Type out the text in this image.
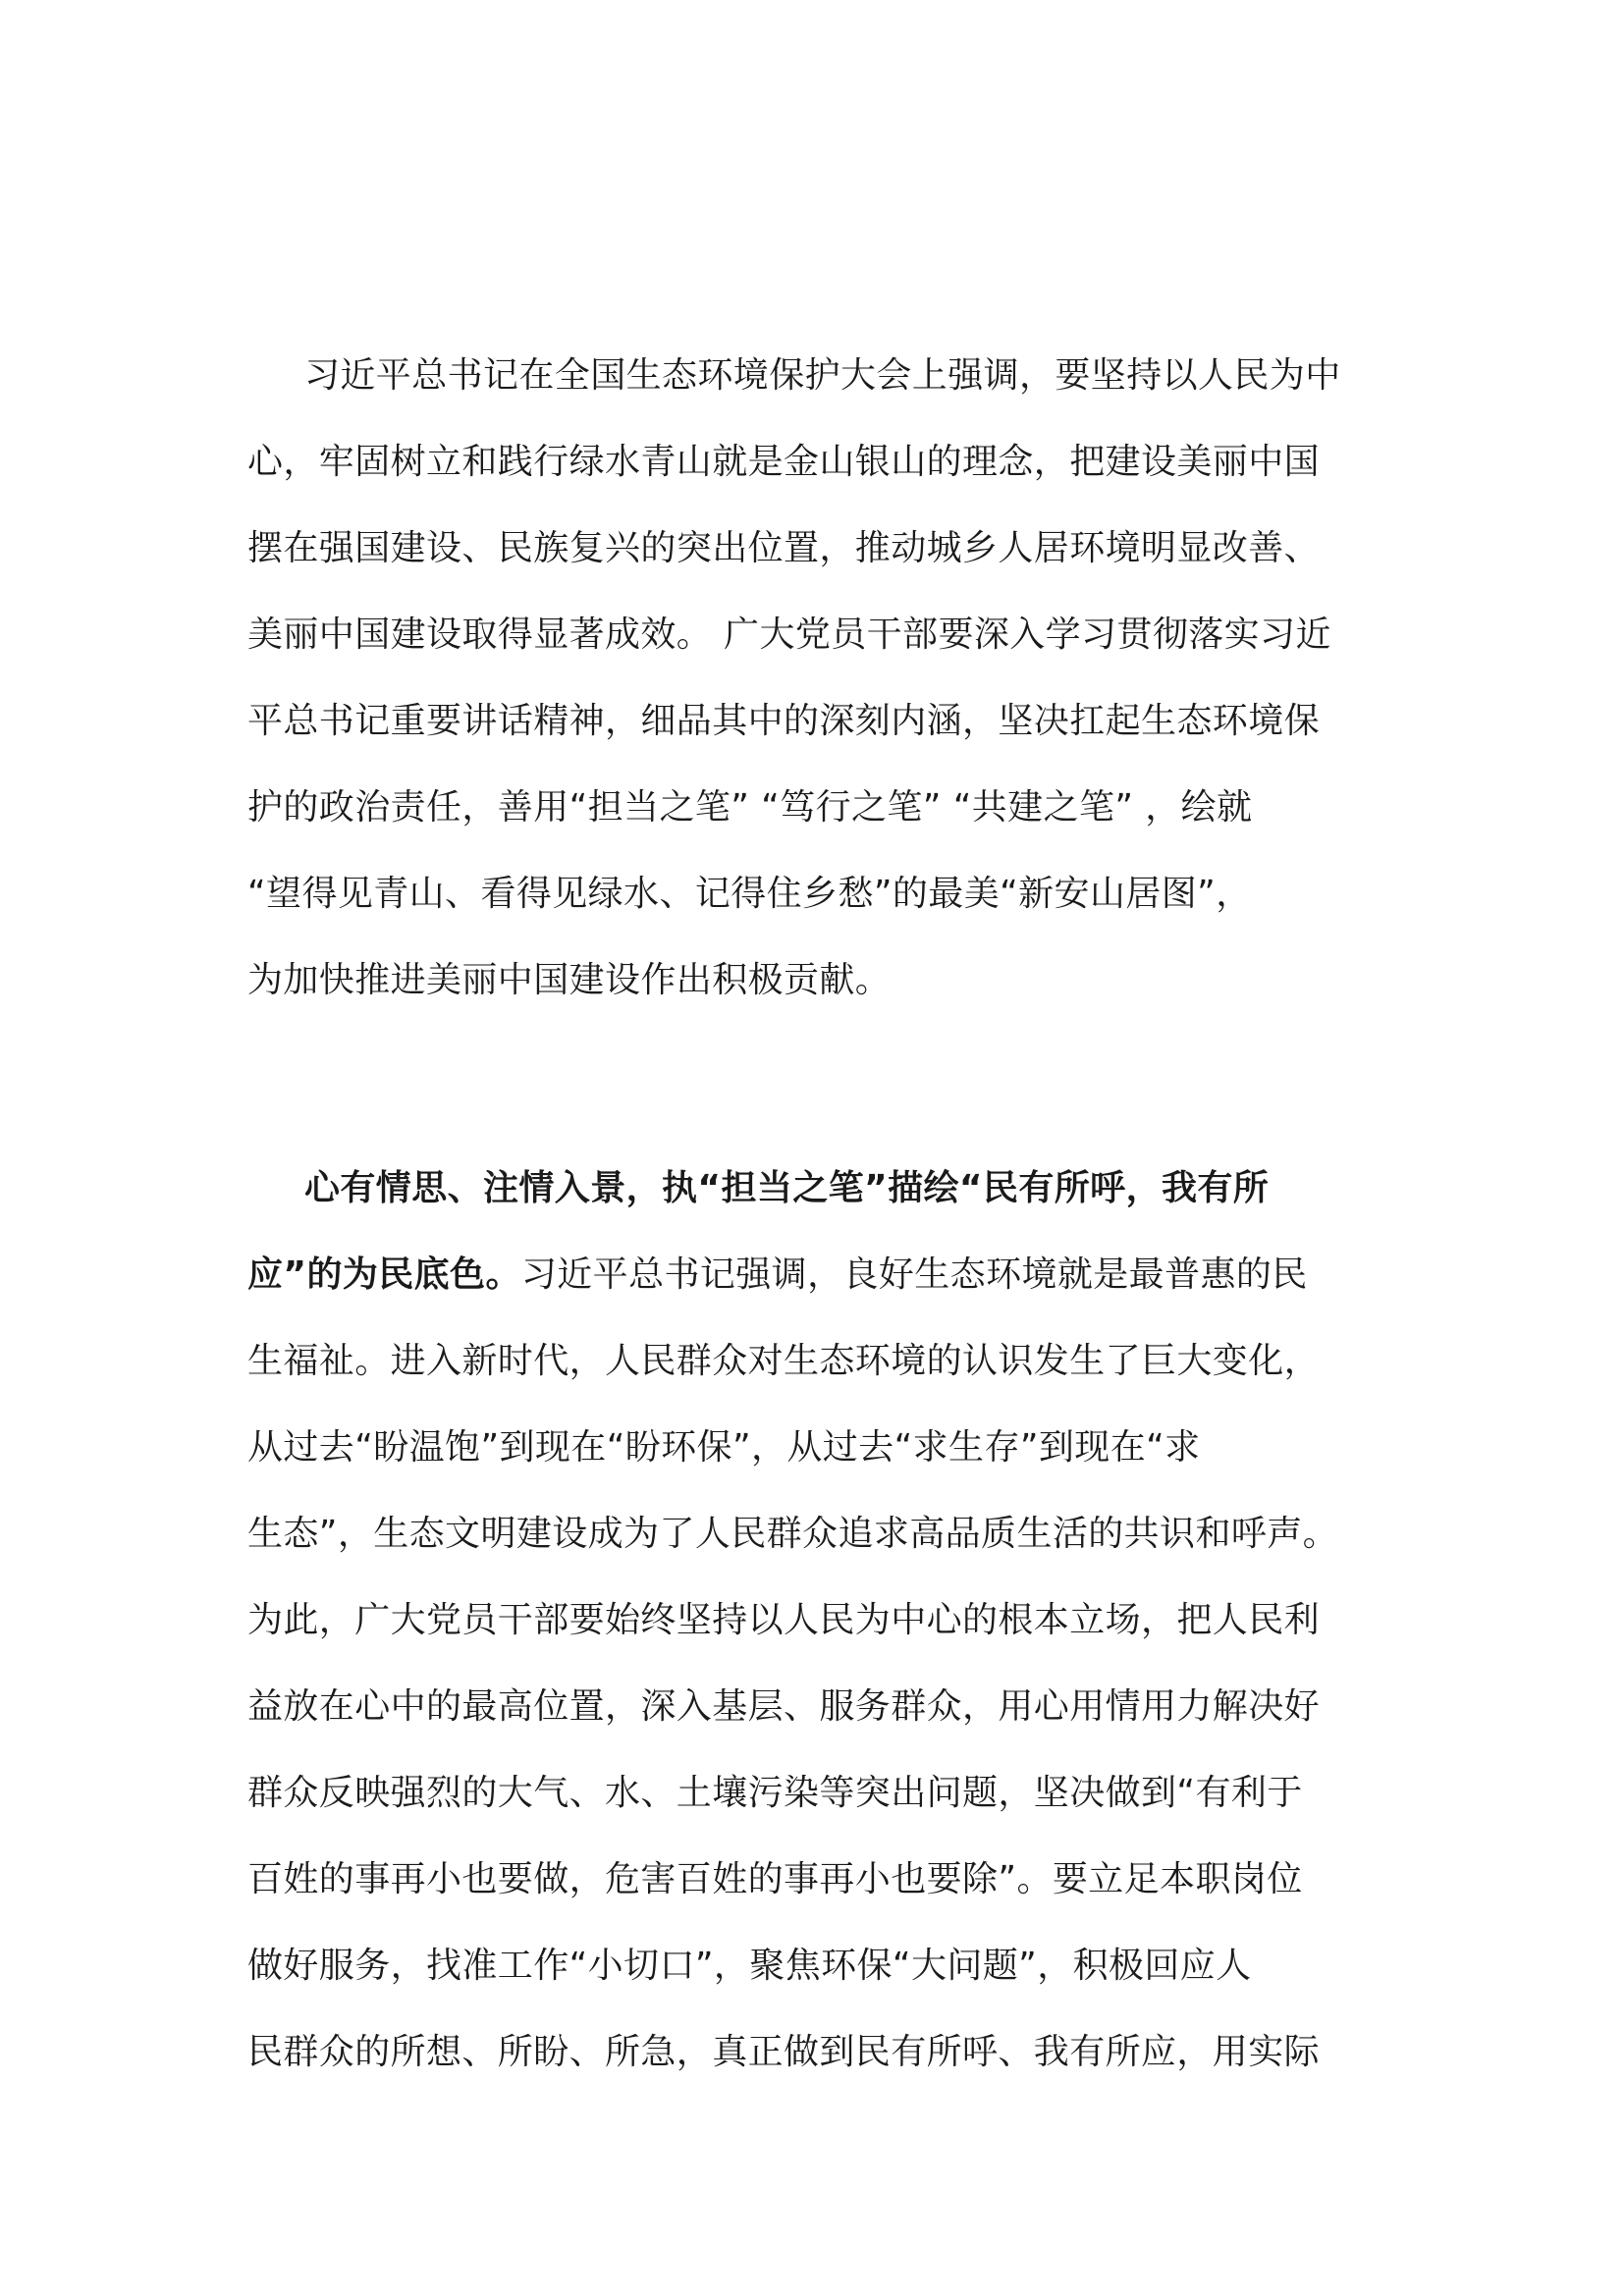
习近平总书记在全国生态环境保护大会上强调，要坚持以人民为中
心，牢固树立和践行绿水青山就是金山银山的理念，把建设美丽中国
摆在强国建设、民族复兴的突出位置，推动城乡人居环境明显改善、
美丽中国建设取得显著成效。 广大党员干部要深入学习贯彻落实习近
平总书记重要讲话精神，细品其中的深刻内涵，坚决扛起生态环境保
护的政治责任，善用“担当之笔” “笃行之笔” “共建之笔” ，绘就
“望得见青山、看得见绿水、记得住乡愁”的最美“新安山居图”，
为加快推进美丽中国建设作出积极贡献。
心有情思、注情入景，执“担当之笔”描绘“民有所呼，我有所
应”的为民底色。习近平总书记强调，良好生态环境就是最普惠的民
生福祉。进入新时代，人民群众对生态环境的认识发生了巨大变化，
从过去“盼温饱”到现在“盼环保”，从过去“求生存”到现在“求
生态”，生态文明建设成为了人民群众追求高品质生活的共识和呼声。
为此，广大党员干部要始终坚持以人民为中心的根本立场，把人民利
益放在心中的最高位置，深入基层、服务群众，用心用情用力解决好
群众反映强烈的大气、水、土壤污染等突出问题，坚决做到“有利于
百姓的事再小也要做，危害百姓的事再小也要除”。要立足本职岗位
做好服务，找准工作“小切口”，聚焦环保“大问题”，积极回应人
民群众的所想、所盼、所急，真正做到民有所呼、我有所应，用实际
